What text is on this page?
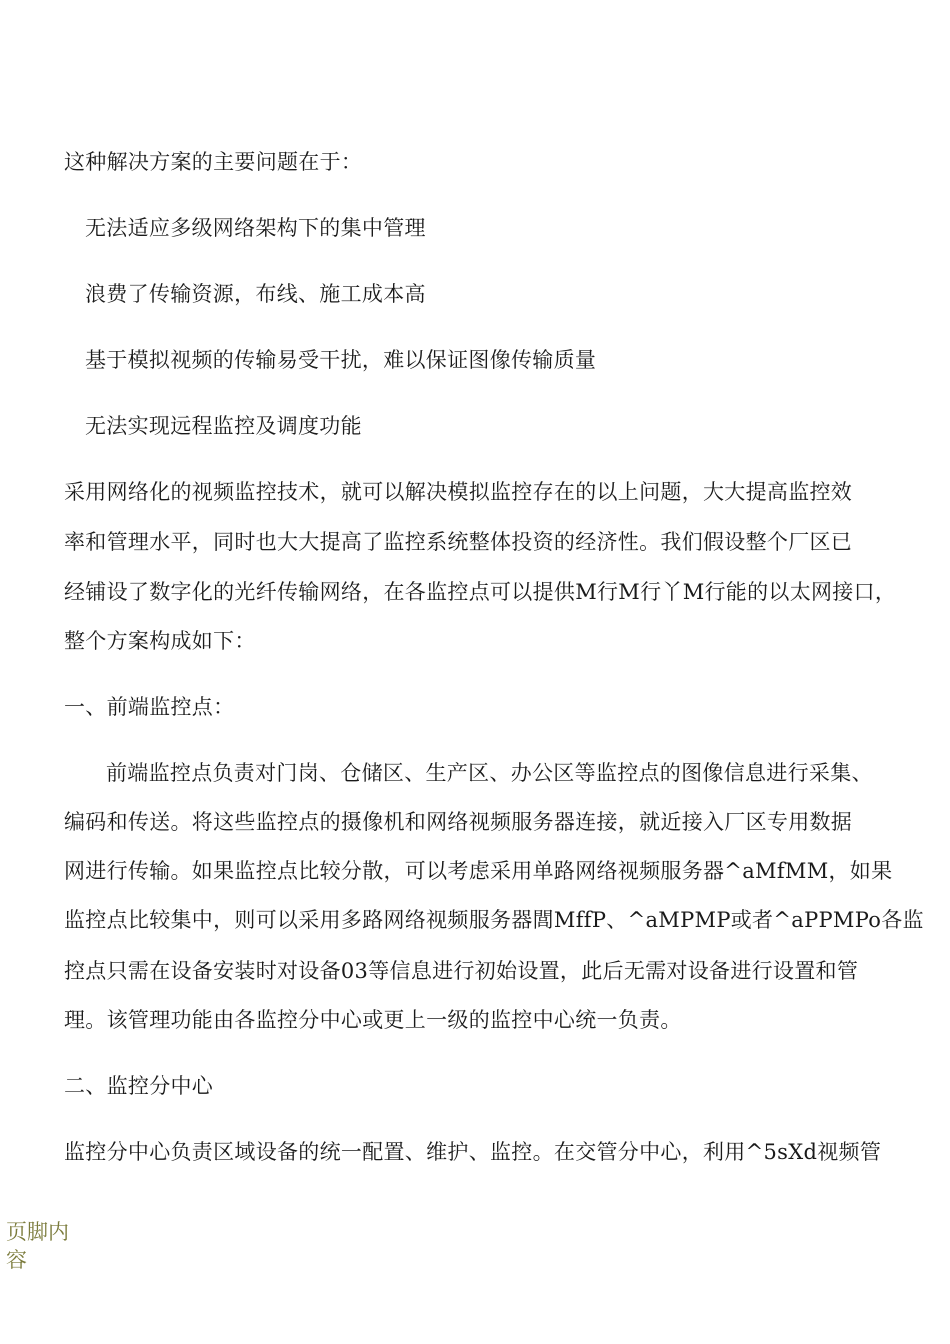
这种解决方案的主要问题在于：
无法适应多级网络架构下的集中管理
浪费了传输资源，布线、施工成本高
基于模拟视频的传输易受干扰，难以保证图像传输质量
无法实现远程监控及调度功能
采用网络化的视频监控技术，就可以解决模拟监控存在的以上问题，大大提高监控效
率和管理水平，同时也大大提高了监控系统整体投资的经济性。我们假设整个厂区已
经铺设了数字化的光纤传输网络，在各监控点可以提供M行M行丫M行能的以太网接口，
整个方案构成如下：
一、前端监控点：
前端监控点负责对门岗、仓储区、生产区、办公区等监控点的图像信息进行采集、
编码和传送。将这些监控点的摄像机和网络视频服务器连接，就近接入厂区专用数据
网进行传输。如果监控点比较分散，可以考虑采用单路网络视频服务器^aMfMM，如果
监控点比较集中，则可以采用多路网络视频服务器閭MffP、^aMPMP或者^aPPMPo各监
控点只需在设备安装时对设备03等信息进行初始设置，此后无需对设备进行设置和管
理。该管理功能由各监控分中心或更上一级的监控中心统一负责。
二、监控分中心
监控分中心负责区域设备的统一配置、维护、监控。在交管分中心，利用^5sXd视频管
页脚内容
